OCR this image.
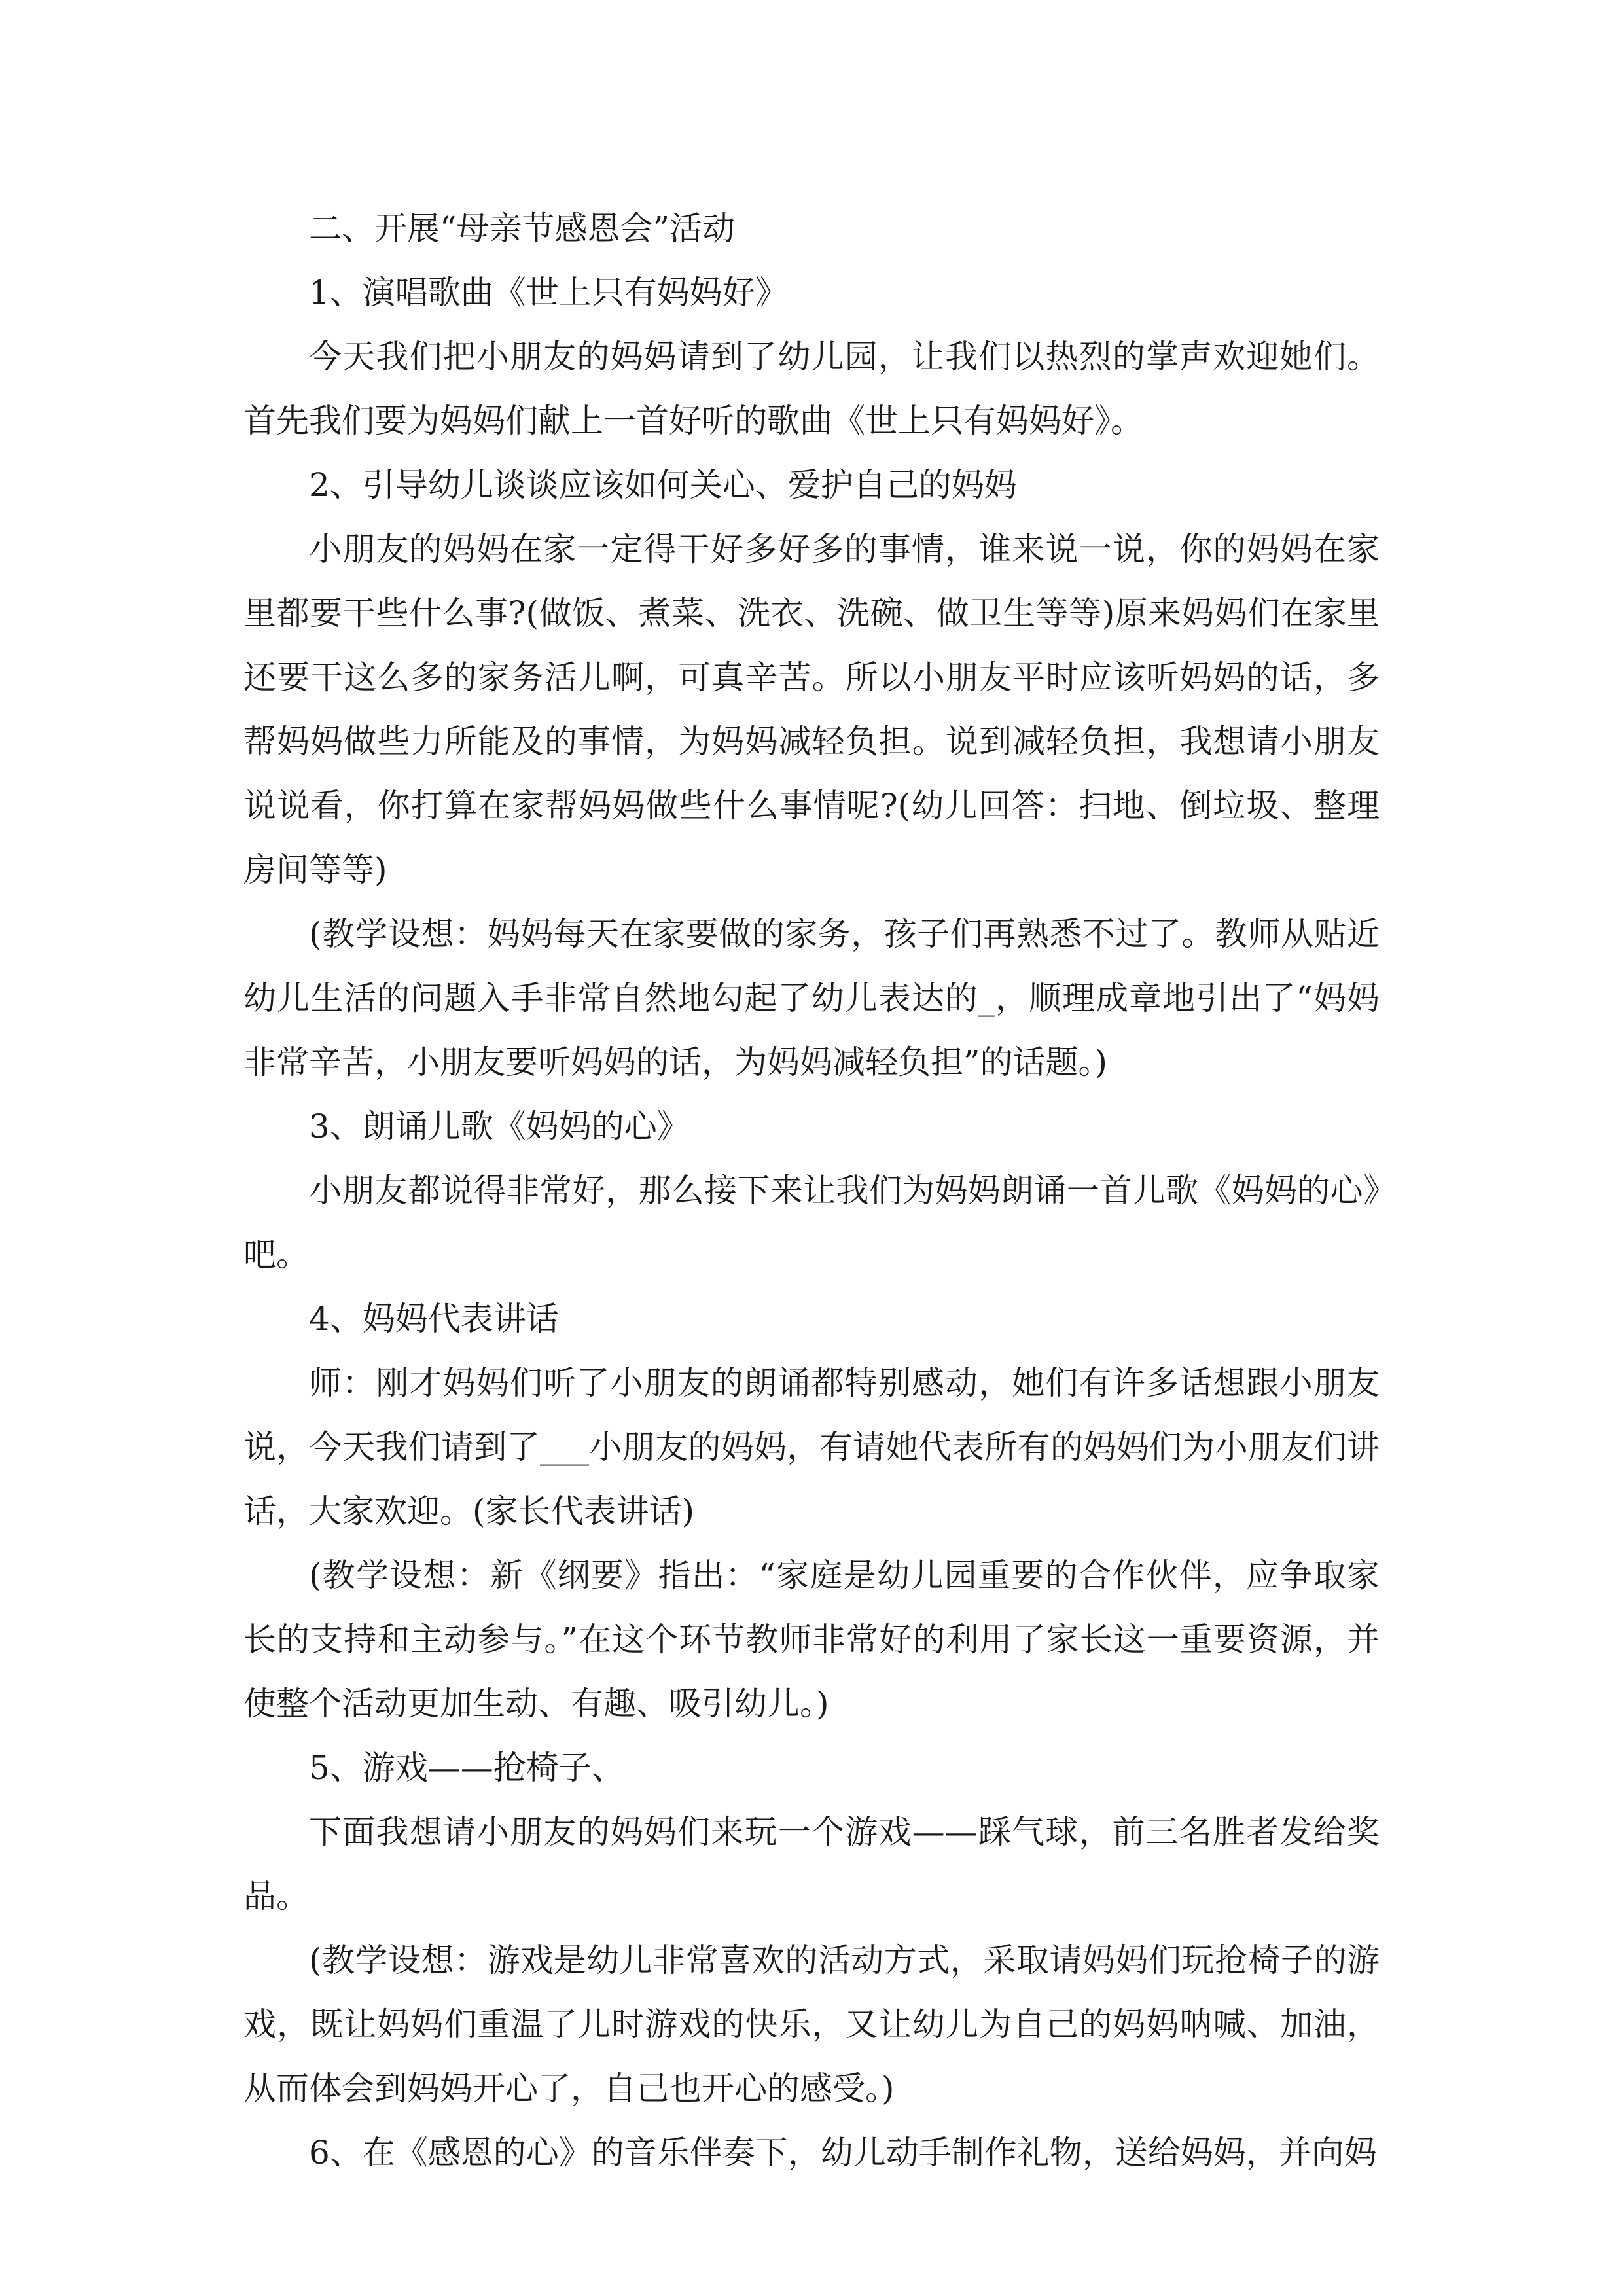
二、开展“母亲节感恩会”活动

1、演唱歌曲《世上只有妈妈好》

今天我们把小朋友的妈妈请到了幼儿园，让我们以热烈的掌声欢迎她们。首先我们要为妈妈们献上一首好听的歌曲《世上只有妈妈好》。

2、引导幼儿谈谈应该如何关心、爱护自己的妈妈

小朋友的妈妈在家一定得干好多好多的事情，谁来说一说，你的妈妈在家里都要干些什么事?(做饭、煮菜、洗衣、洗碗、做卫生等等)原来妈妈们在家里还要干这么多的家务活儿啊，可真辛苦。所以小朋友平时应该听妈妈的话，多帮妈妈做些力所能及的事情，为妈妈减轻负担。说到减轻负担，我想请小朋友说说看，你打算在家帮妈妈做些什么事情呢?(幼儿回答：扫地、倒垃圾、整理房间等等)

(教学设想：妈妈每天在家要做的家务，孩子们再熟悉不过了。教师从贴近幼儿生活的问题入手非常自然地勾起了幼儿表达的_，顺理成章地引出了“妈妈非常辛苦，小朋友要听妈妈的话，为妈妈减轻负担”的话题。)

3、朗诵儿歌《妈妈的心》

小朋友都说得非常好，那么接下来让我们为妈妈朗诵一首儿歌《妈妈的心》吧。

4、妈妈代表讲话

师：刚才妈妈们听了小朋友的朗诵都特别感动，她们有许多话想跟小朋友说，今天我们请到了___小朋友的妈妈，有请她代表所有的妈妈们为小朋友们讲话，大家欢迎。(家长代表讲话)

(教学设想：新《纲要》指出：“家庭是幼儿园重要的合作伙伴，应争取家长的支持和主动参与。”在这个环节教师非常好的利用了家长这一重要资源，并使整个活动更加生动、有趣、吸引幼儿。)

5、游戏——抢椅子、

下面我想请小朋友的妈妈们来玩一个游戏——踩气球，前三名胜者发给奖品。

(教学设想：游戏是幼儿非常喜欢的活动方式，采取请妈妈们玩抢椅子的游戏，既让妈妈们重温了儿时游戏的快乐，又让幼儿为自己的妈妈呐喊、加油，从而体会到妈妈开心了，自己也开心的感受。)

6、在《感恩的心》的音乐伴奏下，幼儿动手制作礼物，送给妈妈，并向妈
